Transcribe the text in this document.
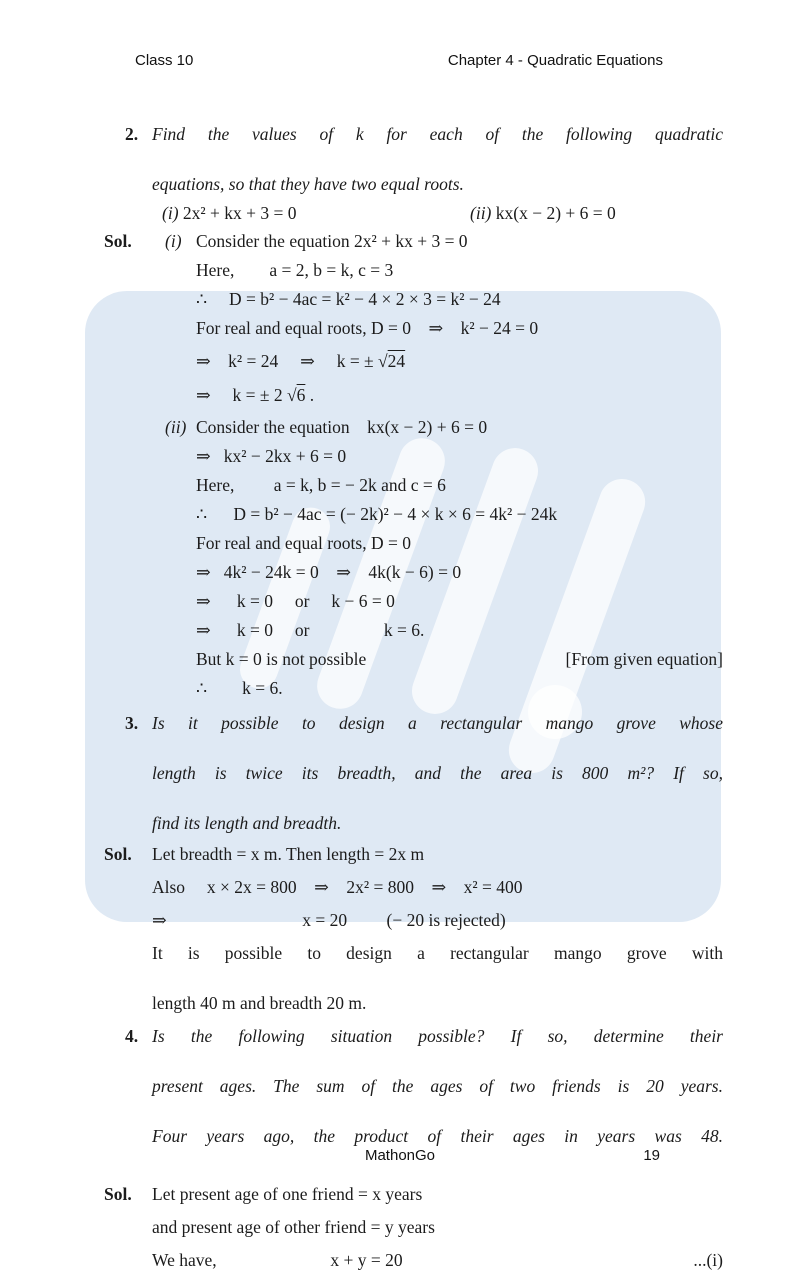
Class 10	Chapter 4 - Quadratic Equations
2. Find the values of k for each of the following quadratic
equations, so that they have two equal roots.
(i) 2x² + kx + 3 = 0	(ii) kx(x − 2) + 6 = 0
Sol.	(i) Consider the equation 2x² + kx + 3 = 0
Here,        a = 2, b = k, c = 3
∴     D = b² − 4ac = k² − 4 × 2 × 3 = k² − 24
For real and equal roots, D = 0    ⇒    k² − 24 = 0
⇒    k² = 24     ⇒     k = ± √ 24
⇒     k = ± 2 √ 6 .
(ii) Consider the equation    kx(x − 2) + 6 = 0
⇒   kx² − 2kx + 6 = 0
Here,         a = k, b = − 2k and c = 6
∴      D = b² − 4ac = (− 2k)² − 4 × k × 6 = 4k² − 24k
For real and equal roots, D = 0
⇒   4k² − 24k = 0    ⇒    4k(k − 6) = 0
⇒      k = 0     or     k − 6 = 0
⇒      k = 0     or                 k = 6.
But k = 0 is not possible	[From given equation]
∴        k = 6.
3. Is it possible to design a rectangular mango grove whose
length is twice its breadth, and the area is 800 m²? If so,
find its length and breadth.
Sol.	Let breadth = x m. Then length = 2x m
Also     x × 2x = 800    ⇒    2x² = 800    ⇒    x² = 400
⇒                               x = 20         (− 20 is rejected)
It is possible to design a rectangular mango grove with
length 40 m and breadth 20 m.
4. Is the following situation possible? If so, determine their
present ages. The sum of the ages of two friends is 20 years.
Four years ago, the product of their ages in years was 48.
Sol.	Let present age of one friend = x years
and present age of other friend = y years
We have,                          x + y = 20	...(i)
MathonGo	19
